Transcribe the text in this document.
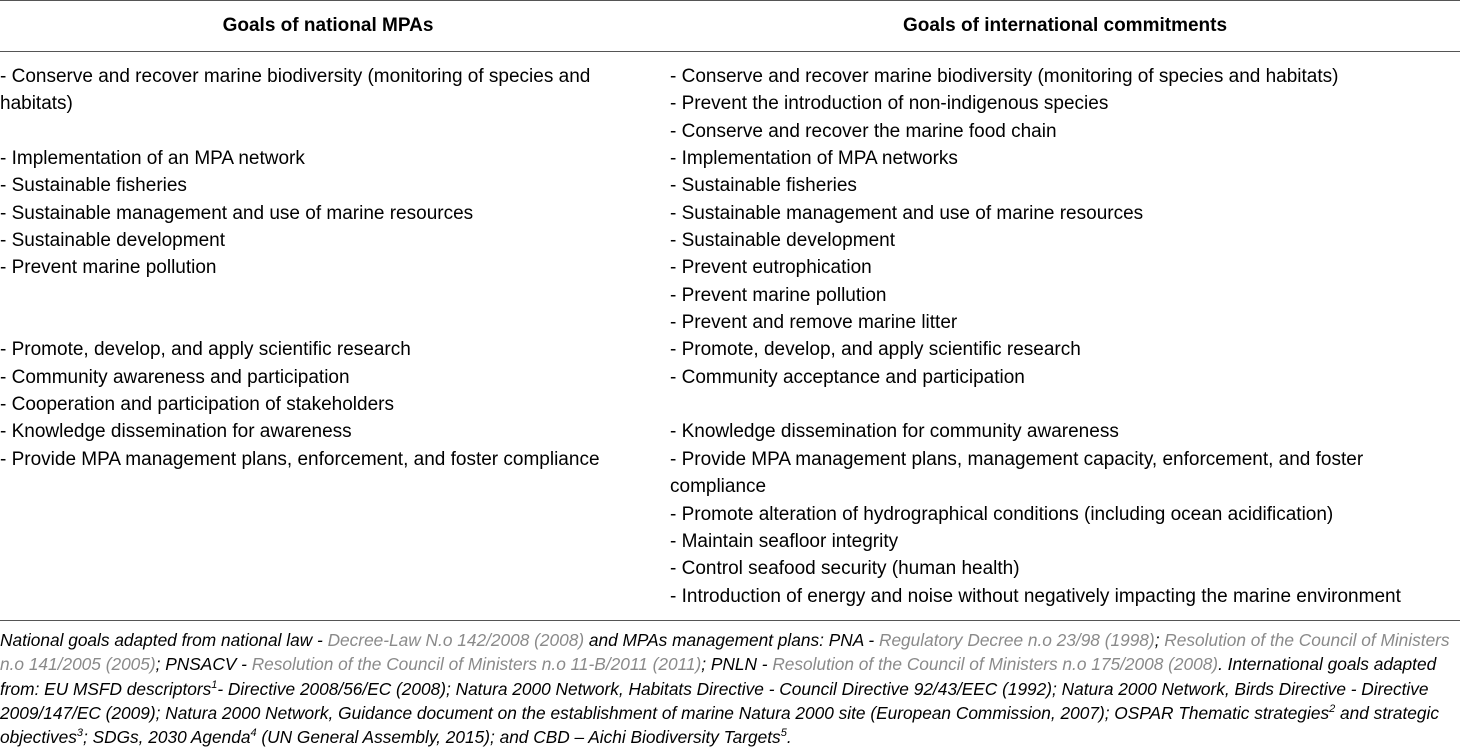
Goals of national MPAs	Goals of international commitments
- Conserve and recover marine biodiversity (monitoring of species and habitats)
- Implementation of an MPA network
- Sustainable fisheries
- Sustainable management and use of marine resources
- Sustainable development
- Prevent marine pollution
- Promote, develop, and apply scientific research
- Community awareness and participation
- Cooperation and participation of stakeholders
- Knowledge dissemination for awareness
- Provide MPA management plans, enforcement, and foster compliance
- Conserve and recover marine biodiversity (monitoring of species and habitats)
- Prevent the introduction of non-indigenous species
- Conserve and recover the marine food chain
- Implementation of MPA networks
- Sustainable fisheries
- Sustainable management and use of marine resources
- Sustainable development
- Prevent eutrophication
- Prevent marine pollution
- Prevent and remove marine litter
- Promote, develop, and apply scientific research
- Community acceptance and participation
- Knowledge dissemination for community awareness
- Provide MPA management plans, management capacity, enforcement, and foster compliance
- Promote alteration of hydrographical conditions (including ocean acidification)
- Maintain seafloor integrity
- Control seafood security (human health)
- Introduction of energy and noise without negatively impacting the marine environment
National goals adapted from national law - Decree-Law N.o 142/2008 (2008) and MPAs management plans: PNA - Regulatory Decree n.o 23/98 (1998); Resolution of the Council of Ministers n.o 141/2005 (2005); PNSACV - Resolution of the Council of Ministers n.o 11-B/2011 (2011); PNLN - Resolution of the Council of Ministers n.o 175/2008 (2008). International goals adapted from: EU MSFD descriptors$^1$- Directive 2008/56/EC (2008); Natura 2000 Network, Habitats Directive - Council Directive 92/43/EEC (1992); Natura 2000 Network, Birds Directive - Directive 2009/147/EC (2009); Natura 2000 Network, Guidance document on the establishment of marine Natura 2000 site (European Commission, 2007); OSPAR Thematic strategies$^2$ and strategic objectives$^3$; SDGs, 2030 Agenda$^4$ (UN General Assembly, 2015); and CBD – Aichi Biodiversity Targets$^5$.
